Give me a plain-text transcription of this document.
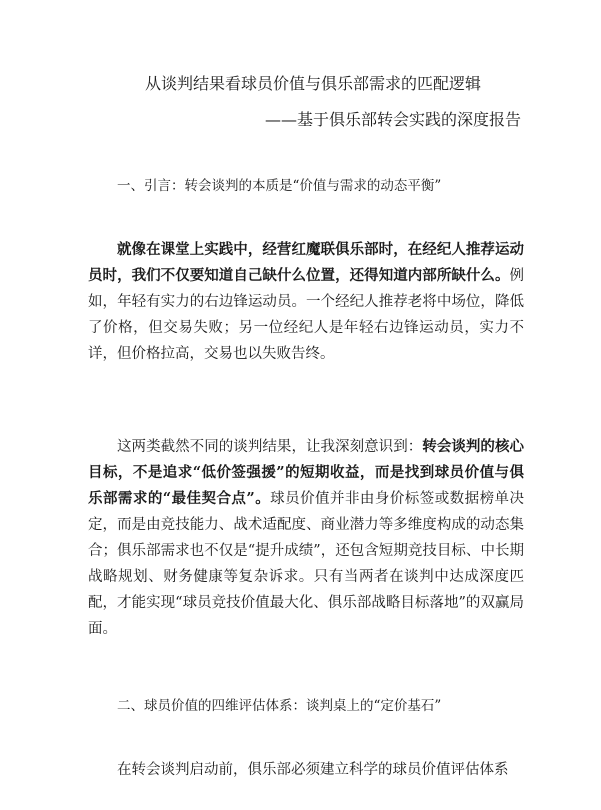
从谈判结果看球员价值与俱乐部需求的匹配逻辑
——基于俱乐部转会实践的深度报告
一、引言：转会谈判的本质是“价值与需求的动态平衡”

就像在课堂上实践中，经营红魔联俱乐部时，在经纪人推荐运动员时，我们不仅要知道自己缺什么位置，还得知道内部所缺什么。例如，年轻有实力的右边锋运动员。一个经纪人推荐老将中场位，降低了价格，但交易失败；另一位经纪人是年轻右边锋运动员，实力不详，但价格拉高，交易也以失败告终。

这两类截然不同的谈判结果，让我深刻意识到：转会谈判的核心目标，不是追求“低价签强援”的短期收益，而是找到球员价值与俱乐部需求的“最佳契合点”。球员价值并非由身价标签或数据榜单决定，而是由竞技能力、战术适配度、商业潜力等多维度构成的动态集合；俱乐部需求也不仅是“提升成绩”，还包含短期竞技目标、中长期战略规划、财务健康等复杂诉求。只有当两者在谈判中达成深度匹配，才能实现“球员竞技价值最大化、俱乐部战略目标落地”的双赢局面。

二、球员价值的四维评估体系：谈判桌上的“定价基石”

在转会谈判启动前，俱乐部必须建立科学的球员价值评估体系
